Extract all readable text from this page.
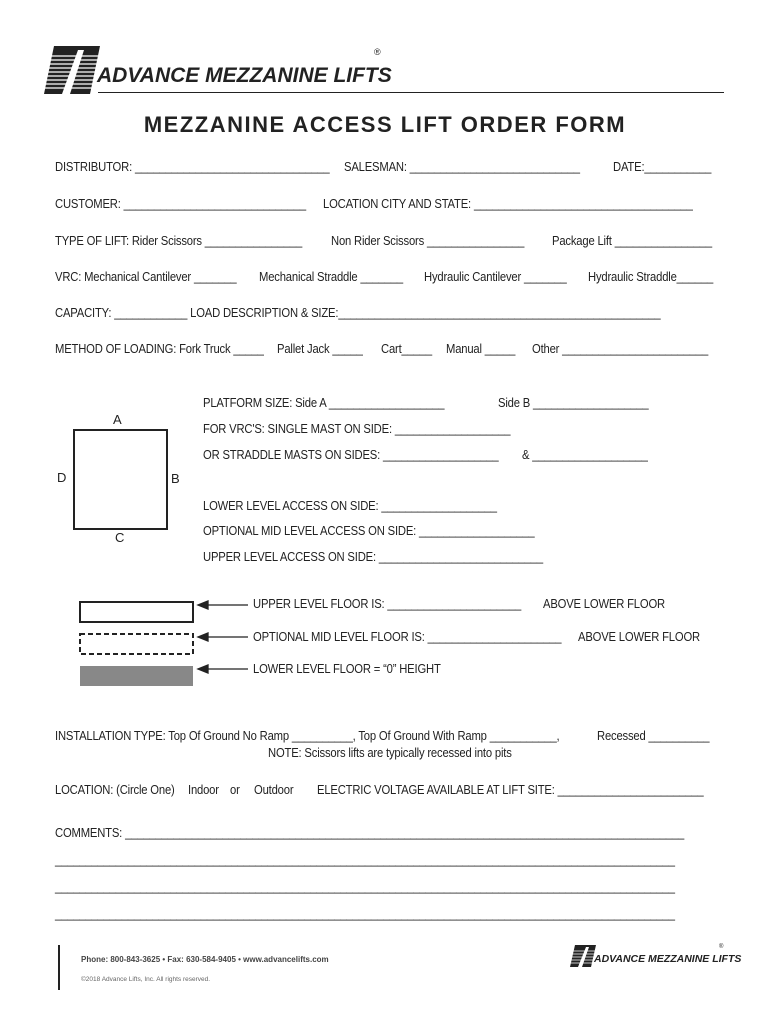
ADVANCE MEZZANINE LIFTS
®
MEZZANINE ACCESS LIFT ORDER FORM
DISTRIBUTOR: ________________________________ SALESMAN: ____________________________	DATE:___________
CUSTOMER: ______________________________ LOCATION CITY AND STATE: ____________________________________
TYPE OF LIFT: Rider Scissors ________________ Non Rider Scissors ________________ Package Lift ________________
VRC: Mechanical Cantilever _______ Mechanical Straddle _______ Hydraulic Cantilever _______ Hydraulic Straddle______
CAPACITY: ____________ LOAD DESCRIPTION & SIZE:_____________________________________________________
METHOD OF LOADING: Fork Truck _____ Pallet Jack _____ Cart_____ Manual _____ Other ________________________
A
B
C
D
PLATFORM SIZE: Side A ___________________	Side B ___________________
FOR VRC'S: SINGLE MAST ON SIDE: ___________________
OR STRADDLE MASTS ON SIDES: ___________________ & ___________________
LOWER LEVEL ACCESS ON SIDE: ___________________
OPTIONAL MID LEVEL ACCESS ON SIDE: ___________________
UPPER LEVEL ACCESS ON SIDE: ___________________________
UPPER LEVEL FLOOR IS: ______________________ ABOVE LOWER FLOOR
OPTIONAL MID LEVEL FLOOR IS: ______________________ ABOVE LOWER FLOOR
LOWER LEVEL FLOOR = “0” HEIGHT
INSTALLATION TYPE: Top Of Ground No Ramp __________, Top Of Ground With Ramp ___________,	Recessed __________
NOTE: Scissors lifts are typically recessed into pits
LOCATION: (Circle One) Indoor or Outdoor ELECTRIC VOLTAGE AVAILABLE AT LIFT SITE: ________________________
COMMENTS: ____________________________________________________________________________________________
______________________________________________________________________________________________________
______________________________________________________________________________________________________
______________________________________________________________________________________________________
Phone: 800-843-3625 • Fax: 630-584-9405 • www.advancelifts.com
©2018 Advance Lifts, Inc. All rights reserved.
ADVANCE MEZZANINE LIFTS
®
